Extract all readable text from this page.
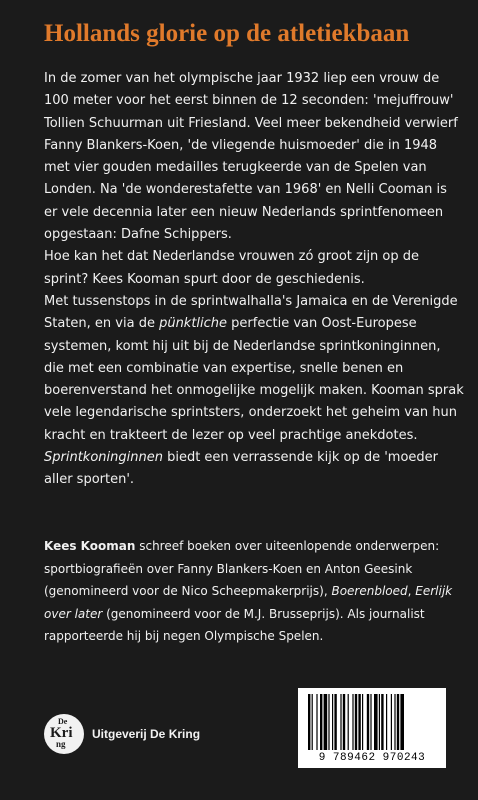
Hollands glorie op de atletiekbaan

In de zomer van het olympische jaar 1932 liep een vrouw de 100 meter voor het eerst binnen de 12 seconden: 'mejuffrouw' Tollien Schuurman uit Friesland. Veel meer bekendheid verwierf Fanny Blankers-Koen, 'de vliegende huismoeder' die in 1948 met vier gouden medailles terugkeerde van de Spelen van Londen. Na 'de wonderestafette van 1968' en Nelli Cooman is er vele decennia later een nieuw Nederlands sprintfenomeen opgestaan: Dafne Schippers.

Hoe kan het dat Nederlandse vrouwen zó groot zijn op de sprint? Kees Kooman spurt door de geschiedenis.

Met tussenstops in de sprintwalhalla's Jamaica en de Verenigde Staten, en via de pünktliche perfectie van Oost-Europese systemen, komt hij uit bij de Nederlandse sprintkoninginnen, die met een combinatie van expertise, snelle benen en boerenverstand het onmogelijke mogelijk maken. Kooman sprak vele legendarische sprintsters, onderzoekt het geheim van hun kracht en trakteert de lezer op veel prachtige anekdotes. Sprintkoninginnen biedt een verrassende kijk op de 'moeder aller sporten'.

Kees Kooman schreef boeken over uiteenlopende onderwerpen: sportbiografieën over Fanny Blankers-Koen en Anton Geesink (genomineerd voor de Nico Scheepmakerprijs), Boerenbloed, Eerlijk over later (genomineerd voor de M.J. Brusseprijs). Als journalist rapporteerde hij bij negen Olympische Spelen.

De
Kri
ng
Uitgeverij De Kring
9 789462 970243
